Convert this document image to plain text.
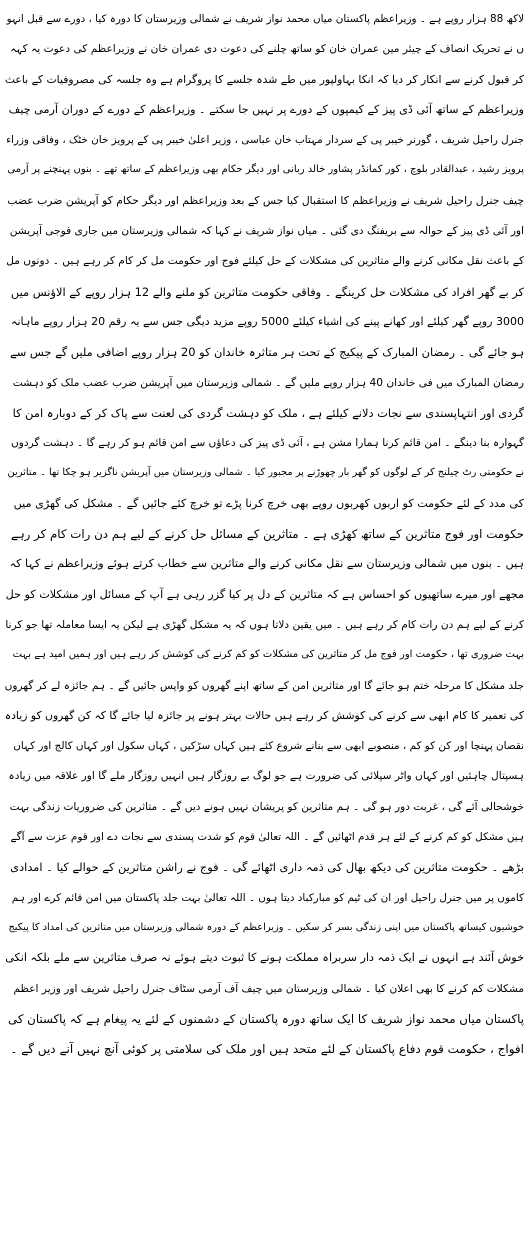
لاکھ 88 ہزار روپے ہے ۔ وزیراعظم پاکستان میاں محمد نواز شریف نے شمالی وزیرستان کا دورہ کیا ، دورے سے قبل انہو
ں نے تحریک انصاف کے چیئر مین عمران خان کو ساتھ چلنے کی دعوت دی عمران خان نے وزیراعظم کی دعوت یہ کہہ
کر قبول کرنے سے انکار کر دیا کہ انکا بہاولپور میں طے شدہ جلسے کا پروگرام ہے وہ جلسہ کی مصروفیات کے باعث
وزیراعظم کے ساتھ آئی ڈی پیز کے کیمپوں کے دورے پر نہیں جا سکتے ۔ وزیراعظم کے دورے کے دوران آرمی چیف
جنرل راحیل شریف ، گورنر خیبر پی کے سردار مہتاب خان عباسی ، وزیر اعلیٰ خیبر پی کے پرویز خان خٹک ، وفاقی وزراء
پرویز رشید ، عبدالقادر بلوچ ، کور کمانڈر پشاور خالد ربانی اور دیگر حکام بھی وزیراعظم کے ساتھ تھے ۔ بنوں پہنچنے پر آرمی
چیف جنرل راحیل شریف نے وزیراعظم کا استقبال کیا جس کے بعد وزیراعظم اور دیگر حکام کو آپریشن ضرب عضب
اور آئی ڈی پیز کے حوالہ سے بریفنگ دی گئی ۔ میاں نواز شریف نے کہا کہ شمالی وزیرستان میں جاری فوجی آپریشن
کے باعث نقل مکانی کرنے والے متاثرین کی مشکلات کے حل کیلئے فوج اور حکومت مل کر کام کر رہے ہیں ۔ دونوں مل
کر بے گھر افراد کی مشکلات حل کرینگے ۔ وفاقی حکومت متاثرین کو ملنے والے 12 ہزار روپے کے الاؤنس میں
3000 روپے گھر کیلئے اور کھانے پینے کی اشیاء کیلئے 5000 روپے مزید دیگی جس سے یہ رقم 20 ہزار روپے ماہانہ
ہو جائے گی ۔ رمضان المبارک کے پیکیج کے تحت ہر متاثرہ خاندان کو 20 ہزار روپے اضافی ملیں گے جس سے
رمضان المبارک میں فی خاندان 40 ہزار روپے ملیں گے ۔ شمالی وزیرستان میں آپریشن ضرب عضب ملک کو دہشت
گردی اور انتہاپسندی سے نجات دلانے کیلئے ہے ، ملک کو دہشت گردی کی لعنت سے پاک کر کے دوبارہ امن کا
گہوارہ بنا دینگے ۔ امن قائم کرنا ہمارا مشن ہے ، آئی ڈی پیز کی دعاؤں سے امن قائم ہو کر رہے گا ۔ دہشت گردوں
نے حکومتی رٹ چیلنج کر کے لوگوں کو گھر بار چھوڑنے پر مجبور کیا ۔ شمالی وزیرستان میں آپریشن ناگزیر ہو چکا تھا ۔ متاثرین
کی مدد کے لئے حکومت کو اربوں کھربوں روپے بھی خرچ کرنا پڑے تو خرچ کئے جائیں گے ۔ مشکل کی گھڑی میں
حکومت اور فوج متاثرین کے ساتھ کھڑی ہے ۔ متاثرین کے مسائل حل کرنے کے لیے ہم دن رات کام کر رہے
ہیں ۔ بنوں میں شمالی وزیرستان سے نقل مکانی کرنے والے متاثرین سے خطاب کرتے ہوئے وزیراعظم نے کہا کہ
مجھے اور میرے ساتھیوں کو احساس ہے کہ متاثرین کے دل پر کیا گزر رہی ہے آپ کے مسائل اور مشکلات کو حل
کرنے کے لیے ہم دن رات کام کر رہے ہیں ۔ میں یقین دلاتا ہوں کہ یہ مشکل گھڑی ہے لیکن یہ ایسا معاملہ تھا جو کرنا
بہت ضروری تھا ، حکومت اور فوج مل کر متاثرین کی مشکلات کو کم کرنے کی کوشش کر رہے ہیں اور ہمیں امید ہے بہت
جلد مشکل کا مرحلہ ختم ہو جائے گا اور متاثرین امن کے ساتھ اپنے گھروں کو واپس جائیں گے ۔ ہم جائزہ لے کر گھروں
کی تعمیر کا کام ابھی سے کرنے کی کوشش کر رہے ہیں حالات بہتر ہونے پر جائزہ لیا جائے گا کہ کن گھروں کو زیادہ
نقصان پہنچا اور کن کو کم ، منصوبے ابھی سے بنانے شروع کئے ہیں کہاں سڑکیں ، کہاں سکول اور کہاں کالج اور کہاں
ہسپتال چاہئیں اور کہاں واٹر سپلائی کی ضرورت ہے جو لوگ بے روزگار ہیں انہیں روزگار ملے گا اور علاقہ میں زیادہ
خوشحالی آئے گی ، غربت دور ہو گی ۔ ہم متاثرین کو پریشان نہیں ہونے دیں گے ۔ متاثرین کی ضروریات زندگی بہت
ہیں مشکل کو کم کرنے کے لئے ہر قدم اٹھائیں گے ۔ اللہ تعالیٰ قوم کو شدت پسندی سے نجات دے اور قوم عزت سے آگے
بڑھے ۔ حکومت متاثرین کی دیکھ بھال کی ذمہ داری اٹھائے گی ۔ فوج نے راشن متاثرین کے حوالے کیا ۔ امدادی
کاموں پر میں جنرل راحیل اور ان کی ٹیم کو مبارکباد دیتا ہوں ۔ اللہ تعالیٰ بہت جلد پاکستان میں امن قائم کرے اور ہم
خوشیوں کیساتھ پاکستان میں اپنی زندگی بسر کر سکیں ۔ وزیراعظم کے دورہ شمالی وزیرستان میں متاثرین کی امداد کا پیکیج
خوش آئند ہے انہوں نے ایک ذمہ دار سربراہ مملکت ہونے کا ثبوت دیتے ہوئے نہ صرف متاثرین سے ملے بلکہ انکی
مشکلات کم کرنے کا بھی اعلان کیا ۔ شمالی وزیرستان میں چیف آف آرمی سٹاف جنرل راحیل شریف اور وزیر اعظم
پاکستان میاں محمد نواز شریف کا ایک ساتھ دورہ پاکستان کے دشمنوں کے لئے یہ پیغام ہے کہ پاکستان کی
افواج ، حکومت قوم دفاع پاکستان کے لئے متحد ہیں اور ملک کی سلامتی پر کوئی آنچ نہیں آنے دیں گے ۔
